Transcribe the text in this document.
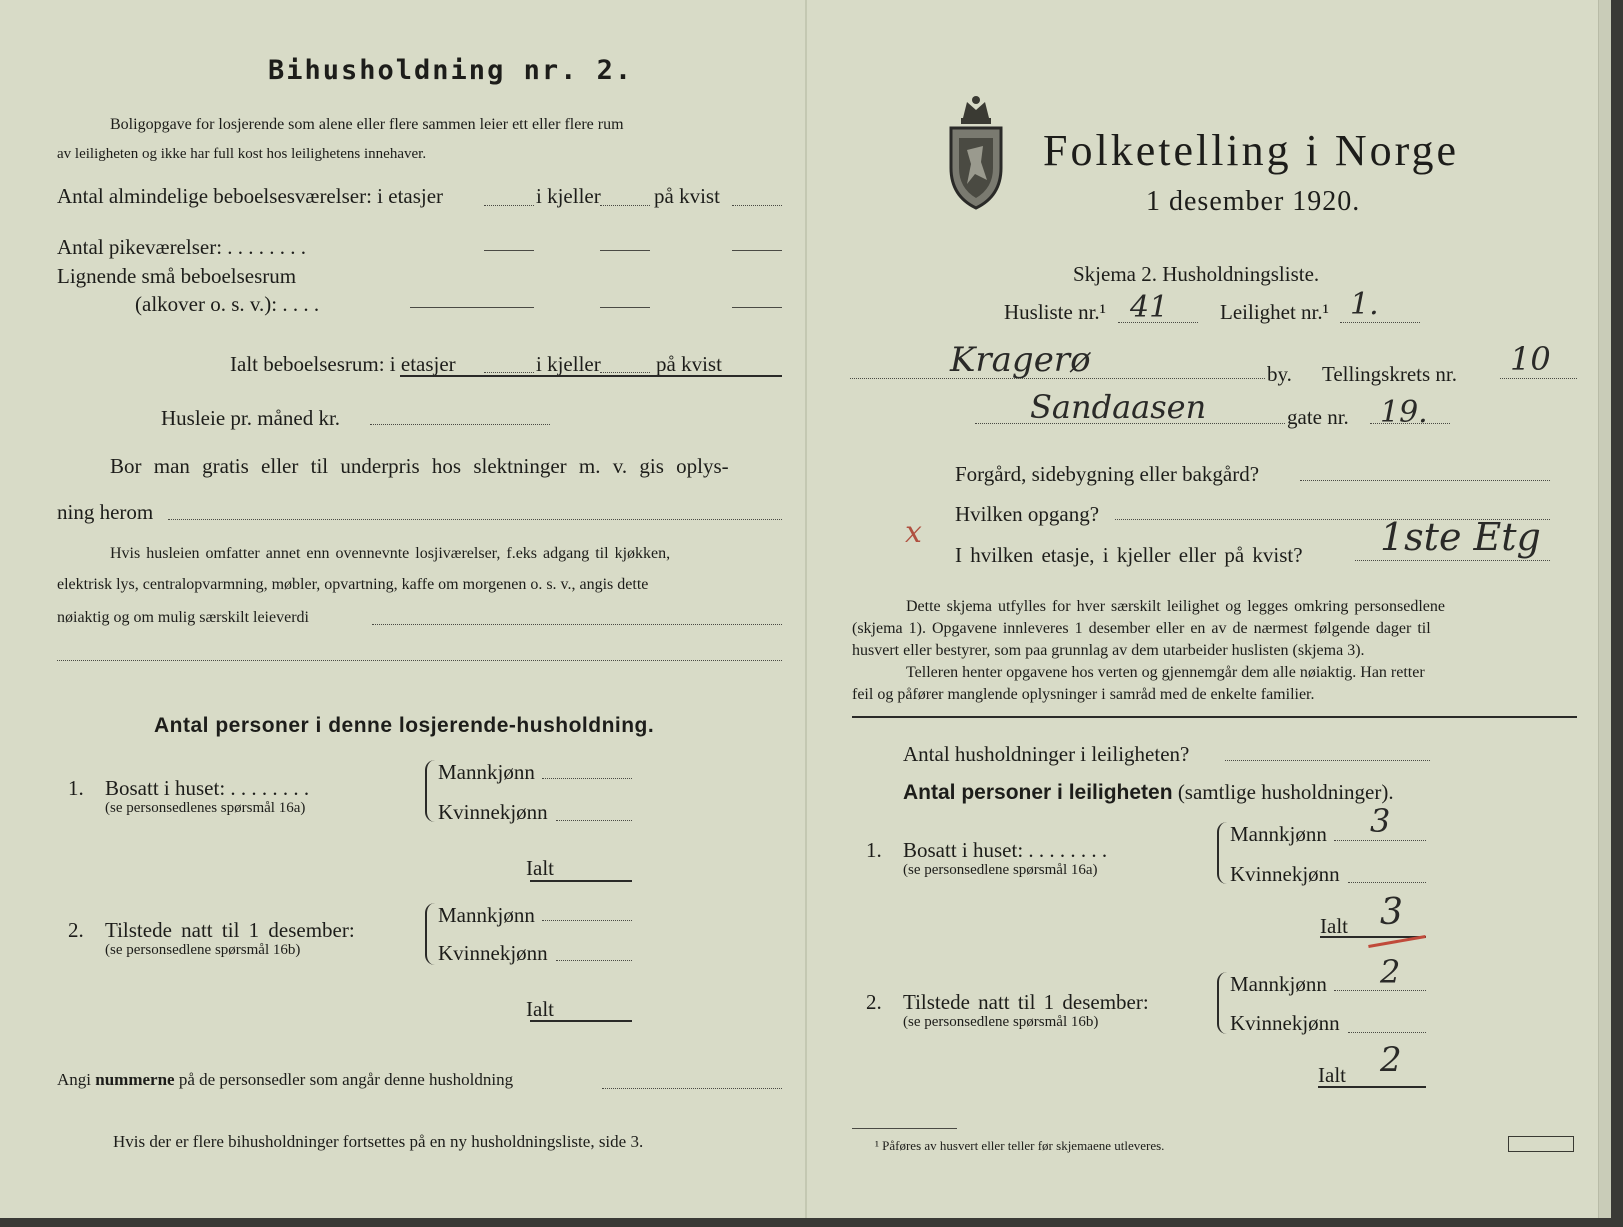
Bihusholdning nr. 2.
Boligopgave for losjerende som alene eller flere sammen leier ett eller flere rum
av leiligheten og ikke har full kost hos leilighetens innehaver.
Antal almindelige beboelsesværelser: i etasjer	i kjeller	på kvist
Antal pikeværelser: . . . . . . . .
Lignende små beboelsesrum
(alkover o. s. v.): . . . .
Ialt beboelsesrum: i etasjer	i kjeller	på kvist
Husleie pr. måned kr.
Bor man gratis eller til underpris hos slektninger m. v. gis oplys-
ning herom
Hvis husleien omfatter annet enn ovennevnte losjiværelser, f.eks adgang til kjøkken,
elektrisk lys, centralopvarmning, møbler, opvartning, kaffe om morgenen o. s. v., angis dette
nøiaktig og om mulig særskilt leieverdi
Antal personer i denne losjerende-husholdning.
1. Bosatt i huset: . . . . . . . .
(se personsedlenes spørsmål 16a)
Mannkjønn
Kvinnekjønn
Ialt
2. Tilstede natt til 1 desember:
(se personsedlene spørsmål 16b)
Mannkjønn
Kvinnekjønn
Ialt
Angi nummerne på de personsedler som angår denne husholdning
Hvis der er flere bihusholdninger fortsettes på en ny husholdningsliste, side 3.
Folketelling i Norge
1 desember 1920.
Skjema 2. Husholdningsliste.
Husliste nr.¹ 41 Leilighet nr.¹ 1.
Kragerø	by. Tellingskrets nr. 10
Sandaasen	gate nr. 19.
Forgård, sidebygning eller bakgård?
Hvilken opgang?
x
I hvilken etasje, i kjeller eller på kvist? 1ste Etg
Dette skjema utfylles for hver særskilt leilighet og legges omkring personsedlene
(skjema 1). Opgavene innleveres 1 desember eller en av de nærmest følgende dager til
husvert eller bestyrer, som paa grunnlag av dem utarbeider huslisten (skjema 3).
Telleren henter opgavene hos verten og gjennemgår dem alle nøiaktig. Han retter
feil og påfører manglende oplysninger i samråd med de enkelte familier.
Antal husholdninger i leiligheten?
Antal personer i leiligheten (samtlige husholdninger).
1. Bosatt i huset: . . . . . . . .
(se personsedlene spørsmål 16a)
Mannkjønn 3
Kvinnekjønn
Ialt 3
2. Tilstede natt til 1 desember:
(se personsedlene spørsmål 16b)
Mannkjønn 2
Kvinnekjønn
Ialt 2
¹ Påføres av husvert eller teller før skjemaene utleveres.
